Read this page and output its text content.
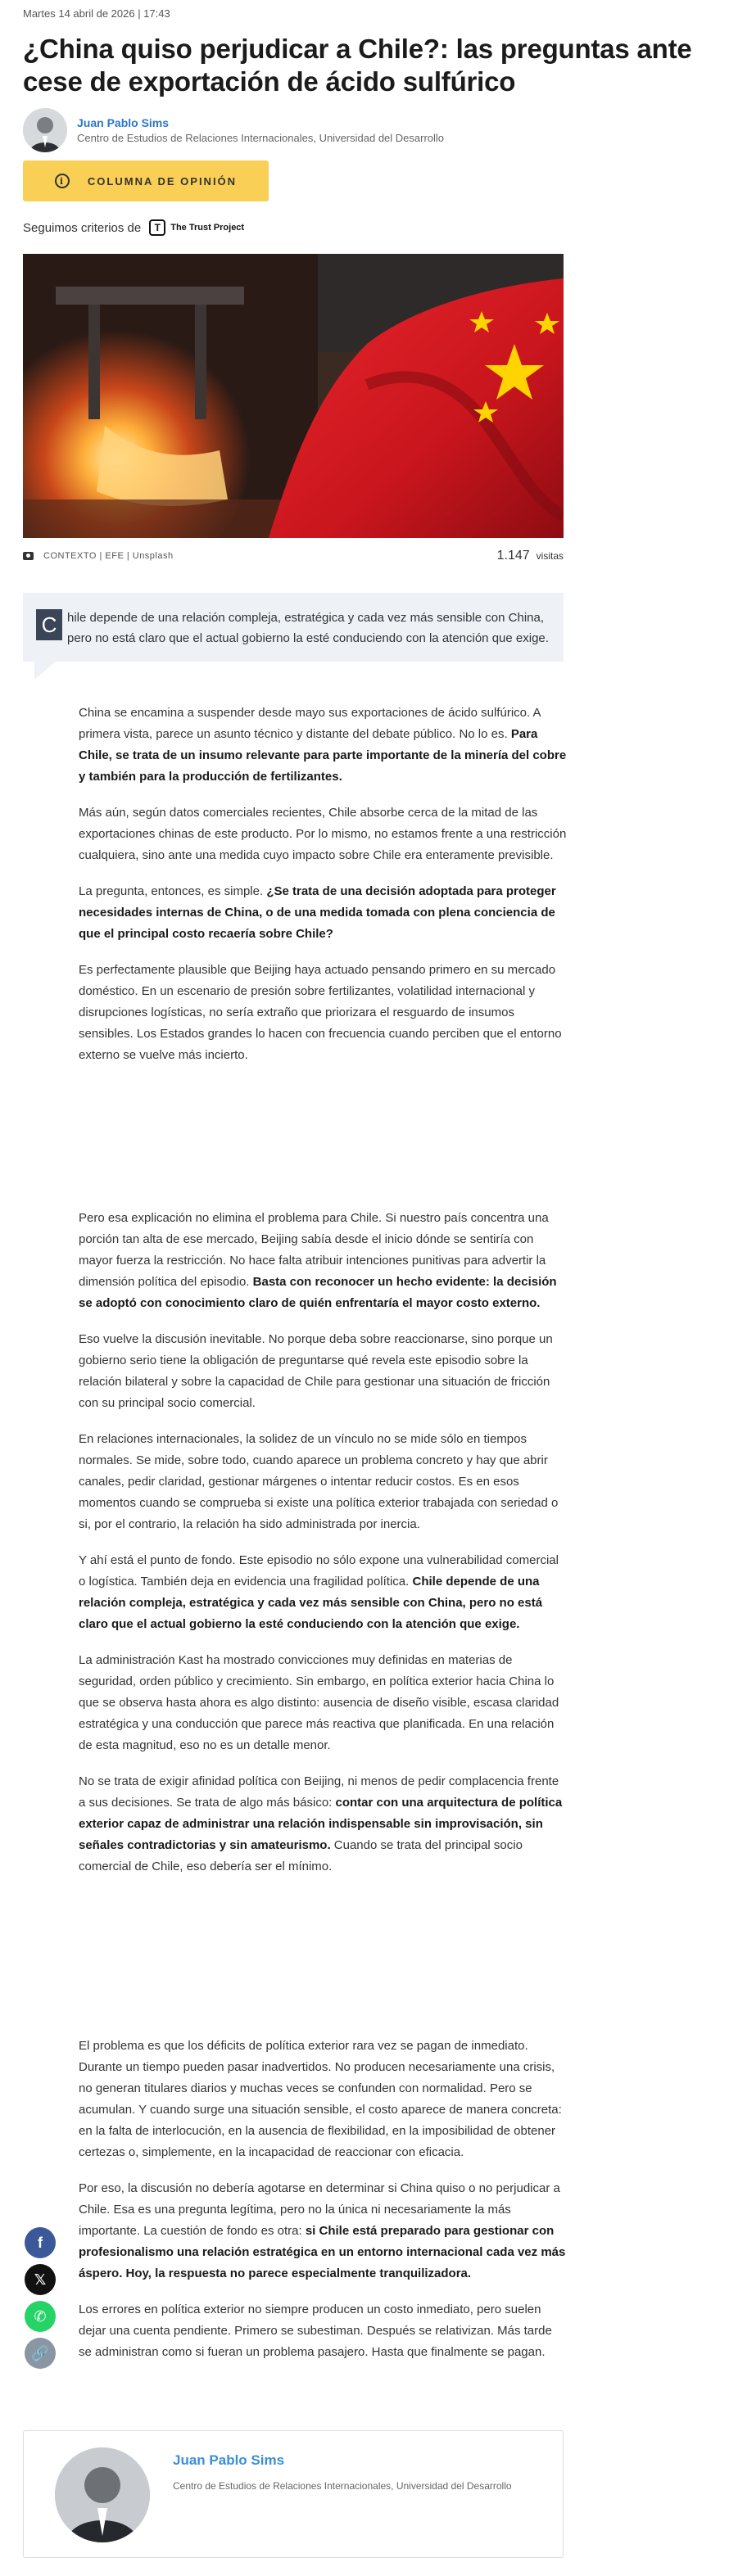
Martes 14 abril de 2026 | 17:43
¿China quiso perjudicar a Chile?: las preguntas ante cese de exportación de ácido sulfúrico
Juan Pablo Sims
Centro de Estudios de Relaciones Internacionales, Universidad del Desarrollo
i	COLUMNA DE OPINIÓN
Seguimos criterios de	T	The Trust Project
CONTEXTO | EFE | Unsplash	1.147 visitas
C hile depende de una relación compleja, estratégica y cada vez más sensible con China, pero no está claro que el actual gobierno la esté conduciendo con la atención que exige.

China se encamina a suspender desde mayo sus exportaciones de ácido sulfúrico. A primera vista, parece un asunto técnico y distante del debate público. No lo es. Para Chile, se trata de un insumo relevante para parte importante de la minería del cobre y también para la producción de fertilizantes.

Más aún, según datos comerciales recientes, Chile absorbe cerca de la mitad de las exportaciones chinas de este producto. Por lo mismo, no estamos frente a una restricción cualquiera, sino ante una medida cuyo impacto sobre Chile era enteramente previsible.

La pregunta, entonces, es simple. ¿Se trata de una decisión adoptada para proteger necesidades internas de China, o de una medida tomada con plena conciencia de que el principal costo recaería sobre Chile?

Es perfectamente plausible que Beijing haya actuado pensando primero en su mercado doméstico. En un escenario de presión sobre fertilizantes, volatilidad internacional y disrupciones logísticas, no sería extraño que priorizara el resguardo de insumos sensibles. Los Estados grandes lo hacen con frecuencia cuando perciben que el entorno externo se vuelve más incierto.

Pero esa explicación no elimina el problema para Chile. Si nuestro país concentra una porción tan alta de ese mercado, Beijing sabía desde el inicio dónde se sentiría con mayor fuerza la restricción. No hace falta atribuir intenciones punitivas para advertir la dimensión política del episodio. Basta con reconocer un hecho evidente: la decisión se adoptó con conocimiento claro de quién enfrentaría el mayor costo externo.

Eso vuelve la discusión inevitable. No porque deba sobre reaccionarse, sino porque un gobierno serio tiene la obligación de preguntarse qué revela este episodio sobre la relación bilateral y sobre la capacidad de Chile para gestionar una situación de fricción con su principal socio comercial.

En relaciones internacionales, la solidez de un vínculo no se mide sólo en tiempos normales. Se mide, sobre todo, cuando aparece un problema concreto y hay que abrir canales, pedir claridad, gestionar márgenes o intentar reducir costos. Es en esos momentos cuando se comprueba si existe una política exterior trabajada con seriedad o si, por el contrario, la relación ha sido administrada por inercia.

Y ahí está el punto de fondo. Este episodio no sólo expone una vulnerabilidad comercial o logística. También deja en evidencia una fragilidad política. Chile depende de una relación compleja, estratégica y cada vez más sensible con China, pero no está claro que el actual gobierno la esté conduciendo con la atención que exige.

La administración Kast ha mostrado convicciones muy definidas en materias de seguridad, orden público y crecimiento. Sin embargo, en política exterior hacia China lo que se observa hasta ahora es algo distinto: ausencia de diseño visible, escasa claridad estratégica y una conducción que parece más reactiva que planificada. En una relación de esta magnitud, eso no es un detalle menor.

No se trata de exigir afinidad política con Beijing, ni menos de pedir complacencia frente a sus decisiones. Se trata de algo más básico: contar con una arquitectura de política exterior capaz de administrar una relación indispensable sin improvisación, sin señales contradictorias y sin amateurismo. Cuando se trata del principal socio comercial de Chile, eso debería ser el mínimo.

El problema es que los déficits de política exterior rara vez se pagan de inmediato. Durante un tiempo pueden pasar inadvertidos. No producen necesariamente una crisis, no generan titulares diarios y muchas veces se confunden con normalidad. Pero se acumulan. Y cuando surge una situación sensible, el costo aparece de manera concreta: en la falta de interlocución, en la ausencia de flexibilidad, en la imposibilidad de obtener certezas o, simplemente, en la incapacidad de reaccionar con eficacia.

Por eso, la discusión no debería agotarse en determinar si China quiso o no perjudicar a Chile. Esa es una pregunta legítima, pero no la única ni necesariamente la más importante. La cuestión de fondo es otra: si Chile está preparado para gestionar con profesionalismo una relación estratégica en un entorno internacional cada vez más áspero. Hoy, la respuesta no parece especialmente tranquilizadora.

Los errores en política exterior no siempre producen un costo inmediato, pero suelen dejar una cuenta pendiente. Primero se subestiman. Después se relativizan. Más tarde se administran como si fueran un problema pasajero. Hasta que finalmente se pagan.

f
𝕏
✆
🔗
Juan Pablo Sims
Centro de Estudios de Relaciones Internacionales, Universidad del Desarrollo
